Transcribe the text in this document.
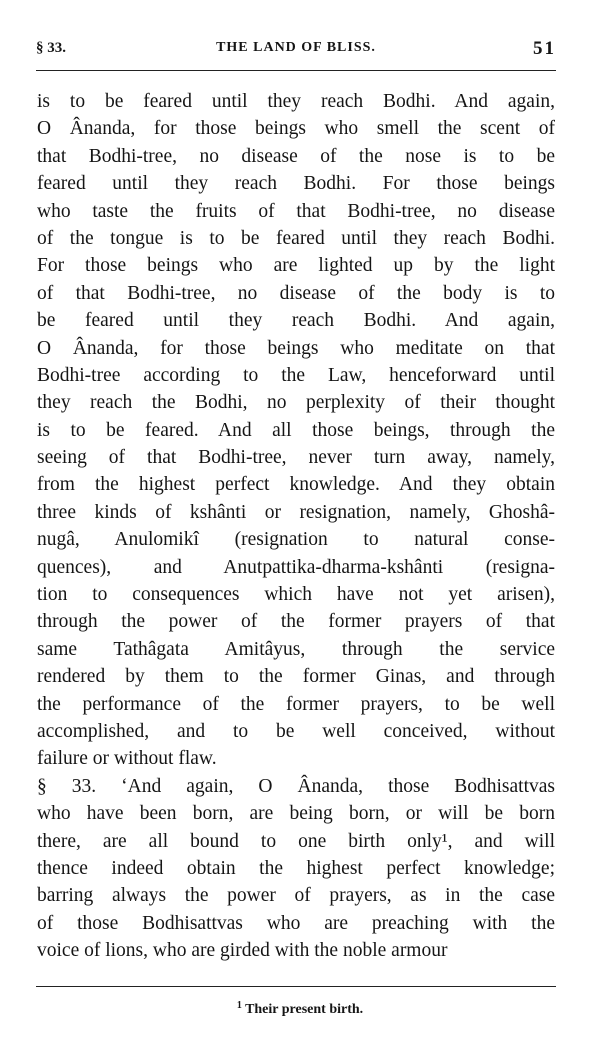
§ 33.	THE LAND OF BLISS.	51
is to be feared until they reach Bodhi. And again,
O Ânanda, for those beings who smell the scent of
that Bodhi-tree, no disease of the nose is to be
feared until they reach Bodhi. For those beings
who taste the fruits of that Bodhi-tree, no disease
of the tongue is to be feared until they reach Bodhi.
For those beings who are lighted up by the light
of that Bodhi-tree, no disease of the body is to
be feared until they reach Bodhi. And again,
O Ânanda, for those beings who meditate on that
Bodhi-tree according to the Law, henceforward until
they reach the Bodhi, no perplexity of their thought
is to be feared. And all those beings, through the
seeing of that Bodhi-tree, never turn away, namely,
from the highest perfect knowledge. And they obtain
three kinds of kshânti or resignation, namely, Ghoshâ-
nugâ, Anulomikî (resignation to natural conse-
quences), and Anutpattika-dharma-kshânti (resigna-
tion to consequences which have not yet arisen),
through the power of the former prayers of that
same Tathâgata Amitâyus, through the service
rendered by them to the former Ginas, and through
the performance of the former prayers, to be well
accomplished, and to be well conceived, without
failure or without flaw.
§ 33. ‘And again, O Ânanda, those Bodhisattvas
who have been born, are being born, or will be born
there, are all bound to one birth only¹, and will
thence indeed obtain the highest perfect knowledge;
barring always the power of prayers, as in the case
of those Bodhisattvas who are preaching with the
voice of lions, who are girded with the noble armour
$^1$ Their present birth.
